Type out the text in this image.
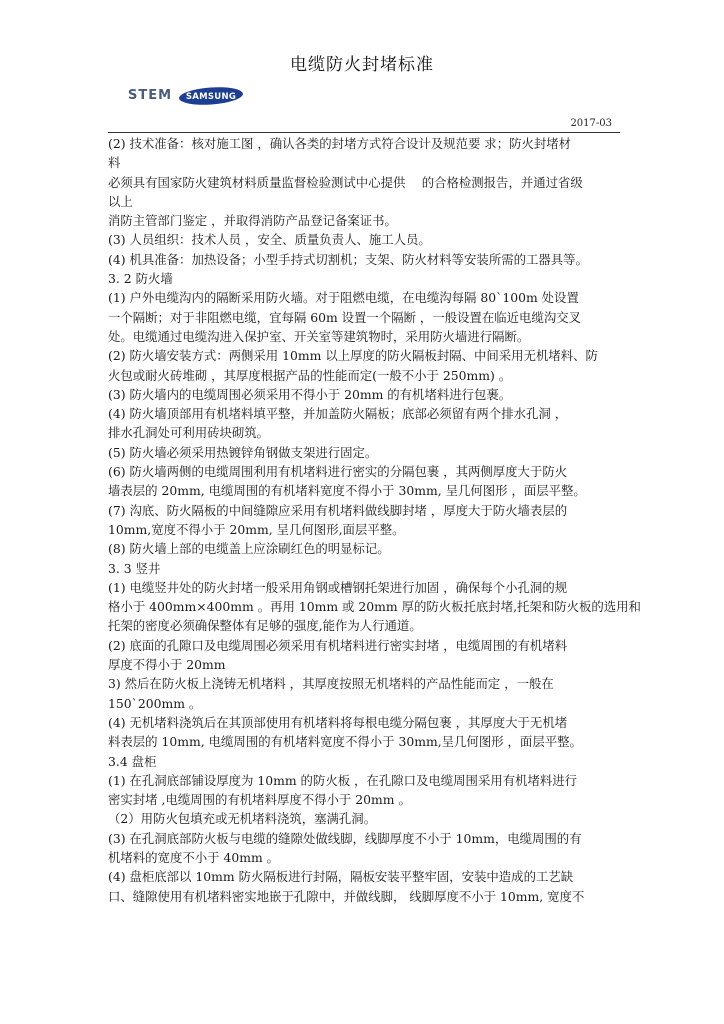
电缆防火封堵标准
STEM SAMSUNG
2017-03
(2) 技术准备：核对施工图 ，确认各类的封堵方式符合设计及规范要 求；防火封堵材
料
必须具有国家防火建筑材料质量监督检验测试中心提供 　的合格检测报告，并通过省级
以上
消防主管部门鉴定 ，并取得消防产品登记备案证书。
(3) 人员组织：技术人员 ，安全、质量负责人、施工人员。
(4) 机具准备：加热设备；小型手持式切割机；支架、防火材料等安装所需的工器具等。
3. 2 防火墙
(1) 户外电缆沟内的隔断采用防火墙。对于阻燃电缆，在电缆沟每隔 80`100m 处设置
一个隔断；对于非阻燃电缆，宜每隔 60m 设置一个隔断 ，一般设置在临近电缆沟交叉
处。电缆通过电缆沟进入保护室、开关室等建筑物时，采用防火墙进行隔断。
(2) 防火墙安装方式：两侧采用 10mm 以上厚度的防火隔板封隔、中间采用无机堵料、防
火包或耐火砖堆砌 ，其厚度根据产品的性能而定(一般不小于 250mm) 。
(3) 防火墙内的电缆周围必须采用不得小于 20mm 的有机堵料进行包裹。
(4) 防火墙顶部用有机堵料填平整，并加盖防火隔板；底部必须留有两个排水孔洞 ，
排水孔洞处可利用砖块砌筑。
(5) 防火墙必须采用热镀锌角钢做支架进行固定。
(6) 防火墙两侧的电缆周围利用有机堵料进行密实的分隔包裹 ，其两侧厚度大于防火
墙表层的 20mm, 电缆周围的有机堵料宽度不得小于 30mm, 呈几何图形 ，面层平整。
(7) 沟底、防火隔板的中间缝隙应采用有机堵料做线脚封堵 ，厚度大于防火墙表层的
10mm,宽度不得小于 20mm, 呈几何图形,面层平整。
(8) 防火墙上部的电缆盖上应涂刷红色的明显标记。
3. 3 竖井
(1) 电缆竖井处的防火封堵一般采用角钢或槽钢托架进行加固 ，确保每个小孔洞的规
格小于 400mm×400mm 。再用 10mm 或 20mm 厚的防火板托底封堵,托架和防火板的选用和
托架的密度必须确保整体有足够的强度,能作为人行通道。
(2) 底面的孔隙口及电缆周围必须采用有机堵料进行密实封堵 ，电缆周围的有机堵料
厚度不得小于 20mm
3) 然后在防火板上浇铸无机堵料 ，其厚度按照无机堵料的产品性能而定 ，一般在
150`200mm 。
(4) 无机堵料浇筑后在其顶部使用有机堵料将每根电缆分隔包裹 ，其厚度大于无机堵
料表层的 10mm, 电缆周围的有机堵料宽度不得小于 30mm,呈几何图形 ，面层平整。
3.4 盘柜
(1) 在孔洞底部铺设厚度为 10mm 的防火板 ，在孔隙口及电缆周围采用有机堵料进行
密实封堵 ,电缆周围的有机堵料厚度不得小于 20mm 。
（2）用防火包填充或无机堵料浇筑，塞满孔洞。
(3) 在孔洞底部防火板与电缆的缝隙处做线脚，线脚厚度不小于 10mm，电缆周围的有
机堵料的宽度不小于 40mm 。
(4) 盘柜底部以 10mm 防火隔板进行封隔，隔板安装平整牢固，安装中造成的工艺缺
口、缝隙使用有机堵料密实地嵌于孔隙中，并做线脚， 线脚厚度不小于 10mm, 宽度不
